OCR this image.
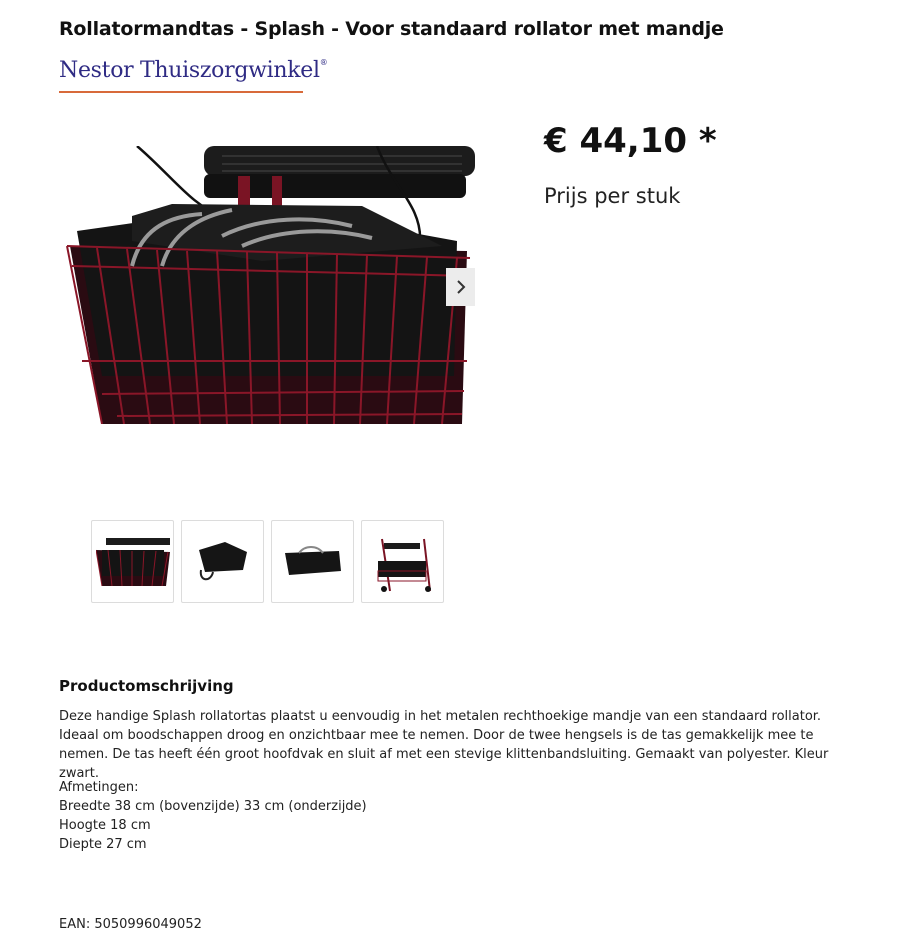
Rollatormandtas - Splash - Voor standaard rollator met mandje
Nestor Thuiszorgwinkel®
€ 44,10 *
Prijs per stuk
Productomschrijving
Deze handige Splash rollatortas plaatst u eenvoudig in het metalen rechthoekige mandje van een standaard rollator. Ideaal om boodschappen droog en onzichtbaar mee te nemen. Door de twee hengsels is de tas gemakkelijk mee te nemen. De tas heeft één groot hoofdvak en sluit af met een stevige klittenbandsluiting. Gemaakt van polyester. Kleur zwart.
Afmetingen:
Breedte 38 cm (bovenzijde) 33 cm (onderzijde)
Hoogte 18 cm
Diepte 27 cm
EAN: 5050996049052
